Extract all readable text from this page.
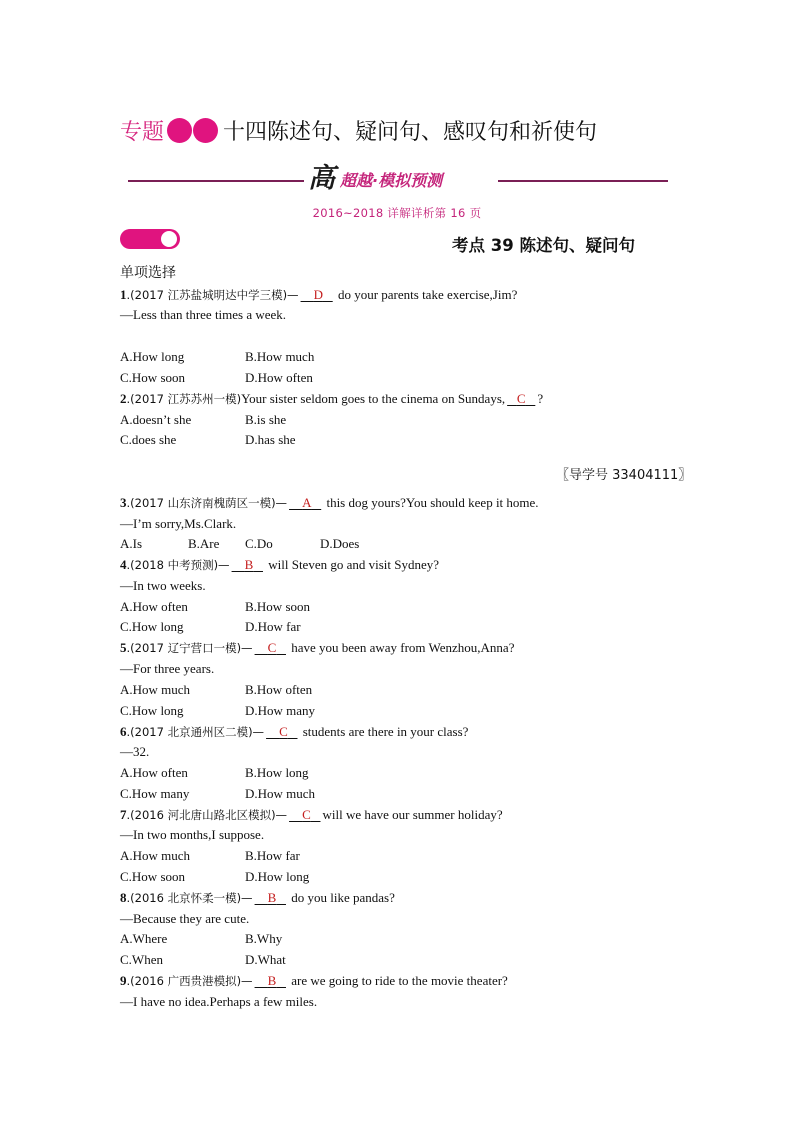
专题	十四陈述句、疑问句、感叹句和祈使句
高 超越·模拟预测
2016~2018 详解详析第 16 页
考点 39 陈述句、疑问句
单项选择
1.(2017 江苏盐城明达中学三模)— D    do your parents take exercise,Jim?
—Less than three times a week.
A.How long	B.How much
C.How soon	D.How often
2.(2017 江苏苏州一模)Your sister seldom goes to the cinema on Sundays, C ?
A.doesn’t she	B.is she
C.does she	D.has she
〖导学号 33404111〗
3.(2017 山东济南槐荫区一模)— A    this dog yours?You should keep it home.
—I’m sorry,Ms.Clark.
A.Is	B.Are C.Do	D.Does
4.(2018 中考预测)— B    will Steven go and visit Sydney?
—In two weeks.
A.How often	B.How soon
C.How long	D.How far
5.(2017 辽宁营口一模)— C    have you been away from Wenzhou,Anna?
—For three years.
A.How much	B.How often
C.How long	D.How many
6.(2017 北京通州区二模)— C    students are there in your class?
—32.
A.How often	B.How long
C.How many	D.How much
7.(2016 河北唐山路北区模拟)— C will we have our summer holiday?
—In two months,I suppose.
A.How much	B.How far
C.How soon	D.How long
8.(2016 北京怀柔一模)— B    do you like pandas?
—Because they are cute.
A.Where	B.Why
C.When	D.What
9.(2016 广西贵港模拟)— B    are we going to ride to the movie theater?
—I have no idea.Perhaps a few miles.
